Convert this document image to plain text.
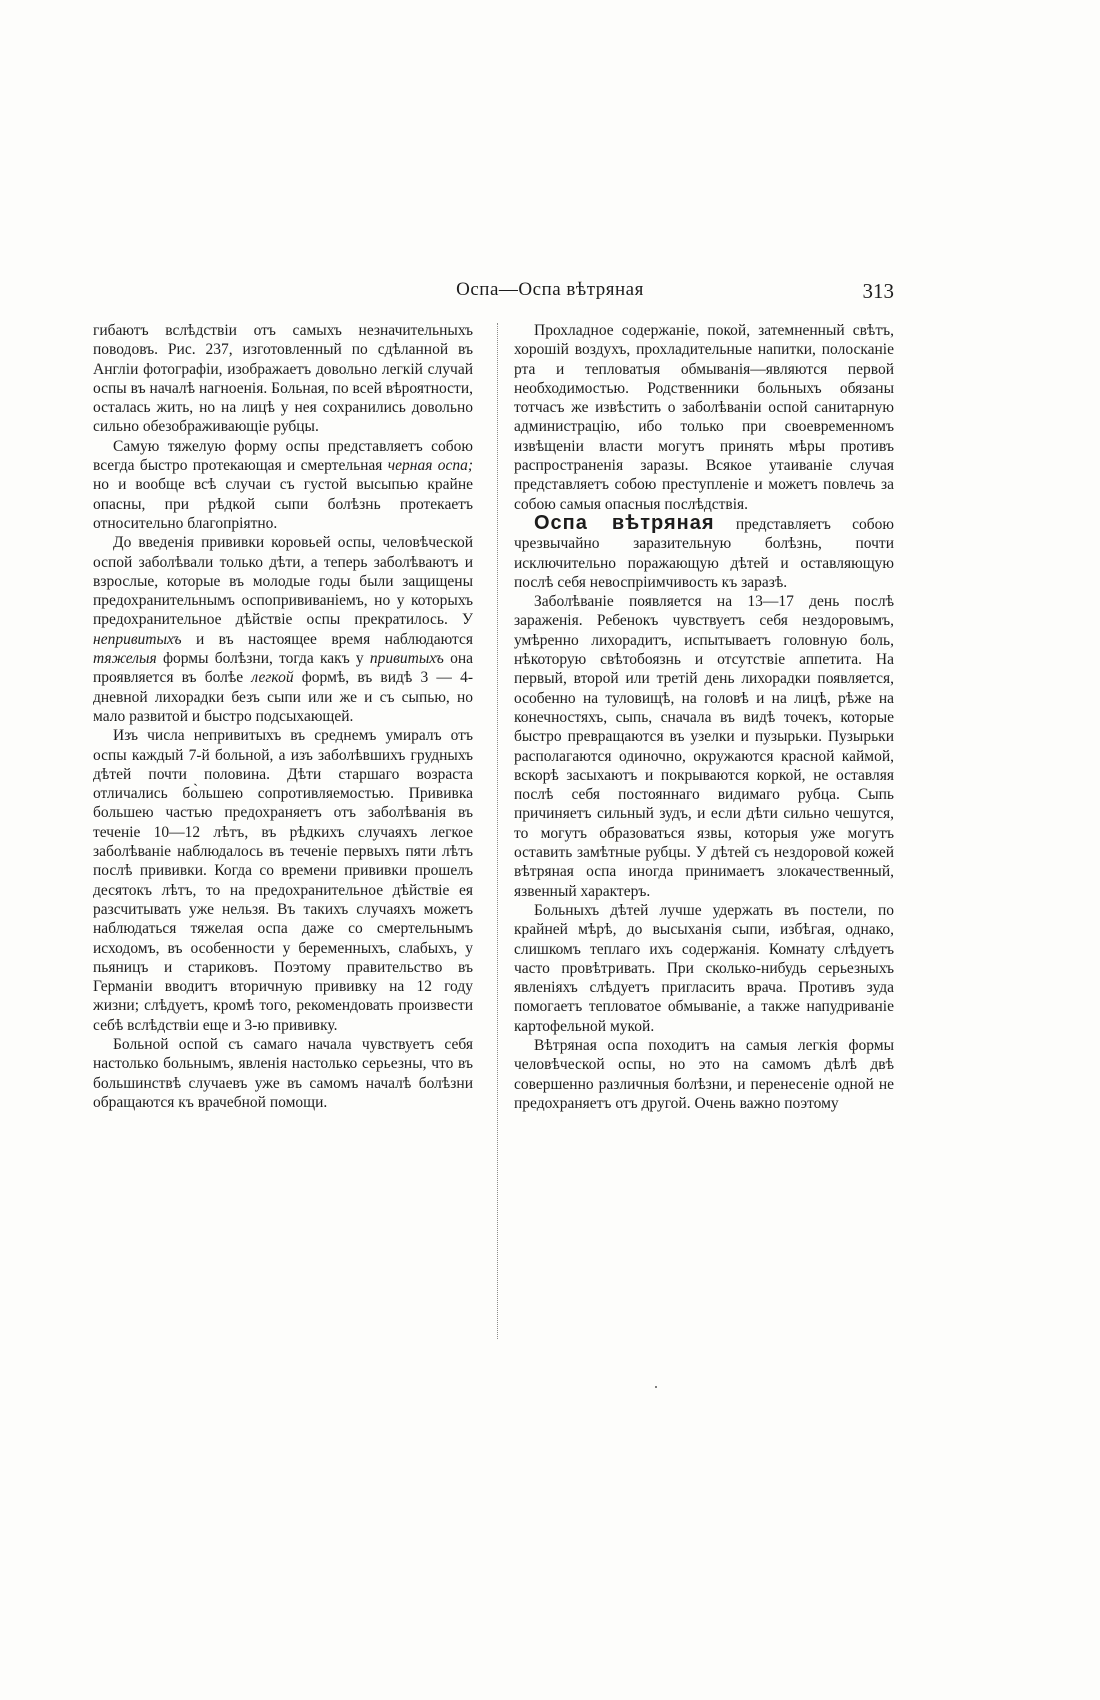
Оспа—Оспа вѣтряная	313

гибаютъ вслѣдствіи отъ самыхъ незначительныхъ поводовъ. Рис. 237, изготовленный по сдѣланной въ Англіи фотографіи, изображаетъ довольно легкій случай оспы въ началѣ нагноенія. Больная, по всей вѣроятности, осталась жить, но на лицѣ у нея сохранились довольно сильно обезображивающіе рубцы.

Самую тяжелую форму оспы представляетъ собою всегда быстро протекающая и смертельная черная оспа; но и вообще всѣ случаи съ густой высыпью крайне опасны, при рѣдкой сыпи болѣзнь протекаетъ относительно благопріятно.

До введенія прививки коровьей оспы, человѣческой оспой заболѣвали только дѣти, а теперь заболѣваютъ и взрослые, которые въ молодые годы были защищены предохранительнымъ оспопрививаніемъ, но у которыхъ предохранительное дѣйствіе оспы прекратилось. У непривитыхъ и въ настоящее время наблюдаются тяжелыя формы болѣзни, тогда какъ у привитыхъ она проявляется въ болѣе легкой формѣ, въ видѣ 3 — 4-дневной лихорадки безъ сыпи или же и съ сыпью, но мало развитой и быстро подсыхающей.

Изъ числа непривитыхъ въ среднемъ умиралъ отъ оспы каждый 7-й больной, а изъ заболѣвшихъ грудныхъ дѣтей почти половина. Дѣти старшаго возраста отличались бо̀льшею сопротивляемостью. Прививка большею частью предохраняетъ отъ заболѣванія въ теченіе 10—12 лѣтъ, въ рѣдкихъ случаяхъ легкое заболѣваніе наблюдалось въ теченіе первыхъ пяти лѣтъ послѣ прививки. Когда со времени прививки прошелъ десятокъ лѣтъ, то на предохранительное дѣйствіе ея разсчитывать уже нельзя. Въ такихъ случаяхъ можетъ наблюдаться тяжелая оспа даже со смертельнымъ исходомъ, въ особенности у беременныхъ, слабыхъ, у пьяницъ и стариковъ. Поэтому правительство въ Германіи вводитъ вторичную прививку на 12 году жизни; слѣдуетъ, кромѣ того, рекомендовать произвести себѣ вслѣдствіи еще и 3-ю прививку.

Больной оспой съ самаго начала чувствуетъ себя настолько больнымъ, явленія настолько серьезны, что въ большинствѣ случаевъ уже въ самомъ началѣ болѣзни обращаются къ врачебной помощи.

Прохладное содержаніе, покой, затемненный свѣтъ, хорошій воздухъ, прохладительные напитки, полосканіе рта и тепловатыя обмыванія—являются первой необходимостью. Родственники больныхъ обязаны тотчасъ же извѣстить о заболѣваніи оспой санитарную администрацію, ибо только при своевременномъ извѣщеніи власти могутъ принять мѣры противъ распространенія заразы. Всякое утаиваніе случая представляетъ собою преступленіе и можетъ повлечь за собою самыя опасныя послѣдствія.

Оспа вѣтряная представляетъ собою чрезвычайно заразительную болѣзнь, почти исключительно поражающую дѣтей и оставляющую послѣ себя невоспріимчивость къ заразѣ.

Заболѣваніе появляется на 13—17 день послѣ зараженія. Ребенокъ чувствуетъ себя нездоровымъ, умѣренно лихорадитъ, испытываетъ головную боль, нѣкоторую свѣтобоязнь и отсутствіе аппетита. На первый, второй или третій день лихорадки появляется, особенно на туловищѣ, на головѣ и на лицѣ, рѣже на конечностяхъ, сыпь, сначала въ видѣ точекъ, которые быстро превращаются въ узелки и пузырьки. Пузырьки располагаются одиночно, окружаются красной каймой, вскорѣ засыхаютъ и покрываются коркой, не оставляя послѣ себя постояннаго видимаго рубца. Сыпь причиняетъ сильный зудъ, и если дѣти сильно чешутся, то могутъ образоваться язвы, которыя уже могутъ оставить замѣтные рубцы. У дѣтей съ нездоровой кожей вѣтряная оспа иногда принимаетъ злокачественный, язвенный характеръ.

Больныхъ дѣтей лучше удержать въ постели, по крайней мѣрѣ, до высыханія сыпи, избѣгая, однако, слишкомъ теплаго ихъ содержанія. Комнату слѣдуетъ часто провѣтривать. При сколько-нибудь серьезныхъ явленіяхъ слѣдуетъ пригласить врача. Противъ зуда помогаетъ тепловатое обмываніе, а также напудриваніе картофельной мукой.

Вѣтряная оспа походитъ на самыя легкія формы человѣческой оспы, но это на самомъ дѣлѣ двѣ совершенно различныя болѣзни, и перенесеніе одной не предохраняетъ отъ другой. Очень важно поэтому
